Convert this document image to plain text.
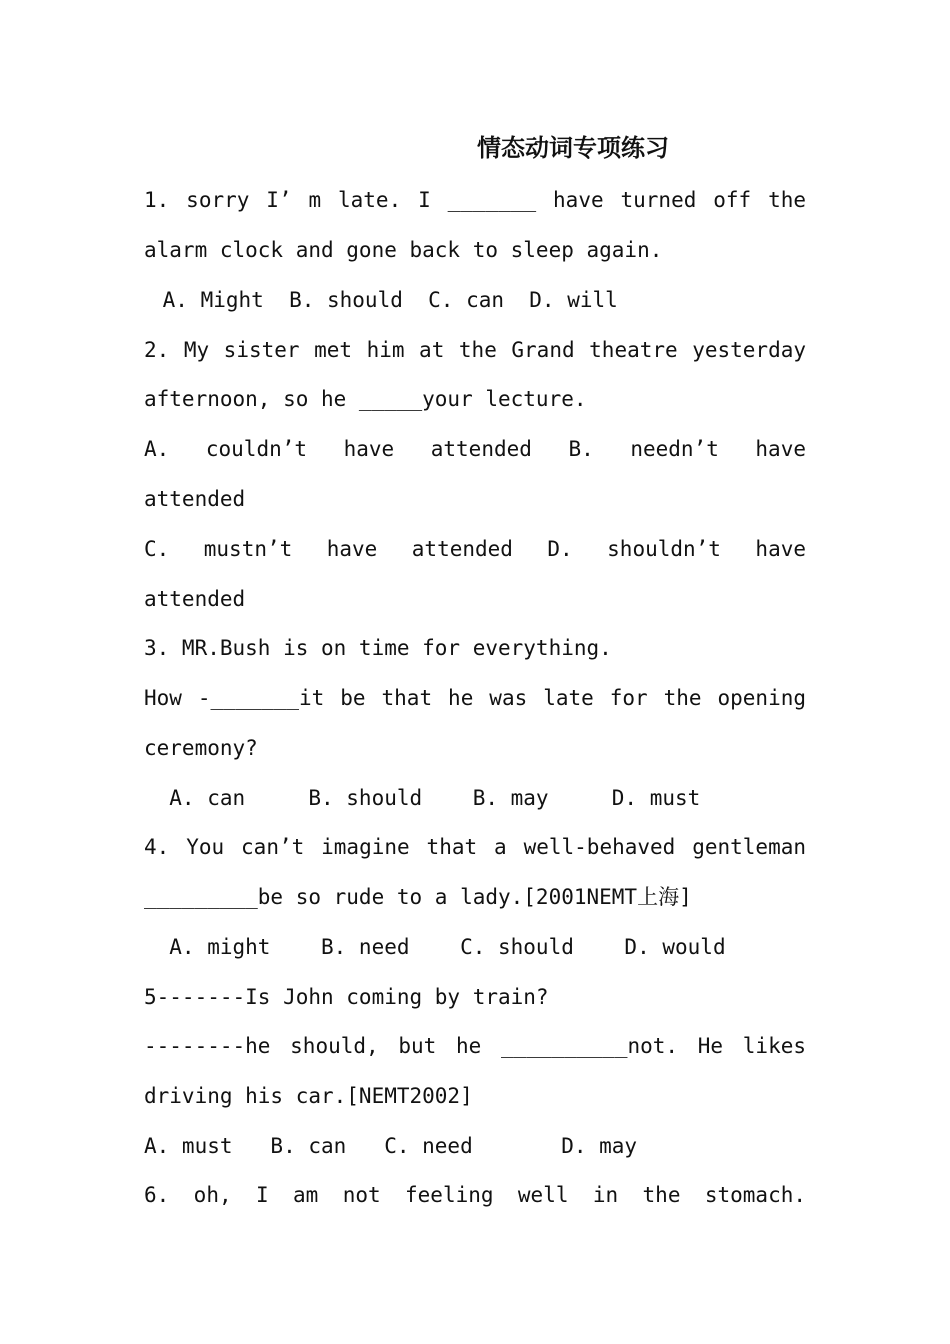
情态动词专项练习
1. sorry I’ m late. I _______ have turned off the
alarm clock and gone back to sleep again.
A. Might  B. should  C. can  D. will
2. My sister met him at the Grand theatre yesterday
afternoon, so he _____your lecture.
A. couldn’t have attended B. needn’t have
attended
C. mustn’t have attended D. shouldn’t have
attended
3. MR.Bush is on time for everything.
How -_______it be that he was late for the opening
ceremony?
A. can     B. should    B. may     D. must
4. You can’t imagine that a well-behaved gentleman
_________be so rude to a lady.[2001NEMT上海]
A. might    B. need    C. should    D. would
5-------Is John coming by train?
--------he should, but he __________not. He likes
driving his car.[NEMT2002]
A. must   B. can   C. need       D. may
6. oh, I am not feeling well in the stomach.
